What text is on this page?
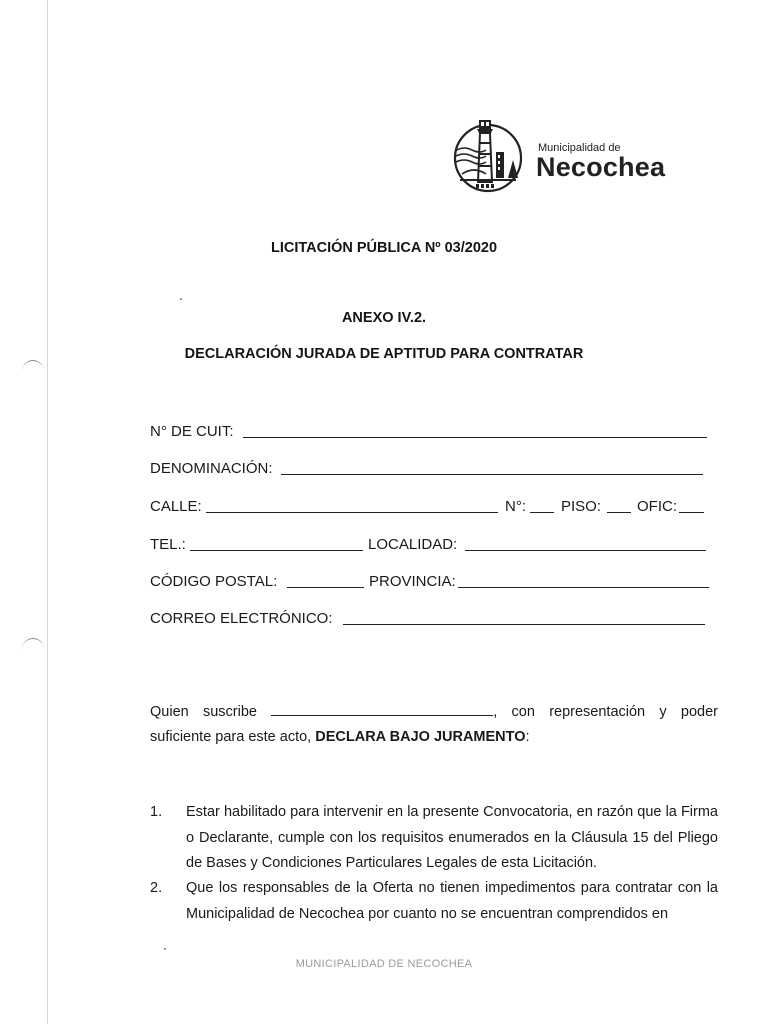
Municipalidad de
Necochea
LICITACIÓN PÚBLICA Nº 03/2020
ANEXO IV.2.
DECLARACIÓN JURADA DE APTITUD PARA CONTRATAR
N° DE CUIT:
DENOMINACIÓN:
CALLE:	N°: PISO: OFIC:
TEL.:	LOCALIDAD:
CÓDIGO POSTAL:	PROVINCIA:
CORREO ELECTRÓNICO:
Quien suscribe	, con representación y poder
suficiente para este acto, DECLARA BAJO JURAMENTO:
1. Estar habilitado para intervenir en la presente Convocatoria, en razón que la Firma o Declarante, cumple con los requisitos enumerados en la Cláusula 15 del Pliego de Bases y Condiciones Particulares Legales de esta Licitación.
2. Que los responsables de la Oferta no tienen impedimentos para contratar con la Municipalidad de Necochea por cuanto no se encuentran comprendidos en
MUNICIPALIDAD DE NECOCHEA
